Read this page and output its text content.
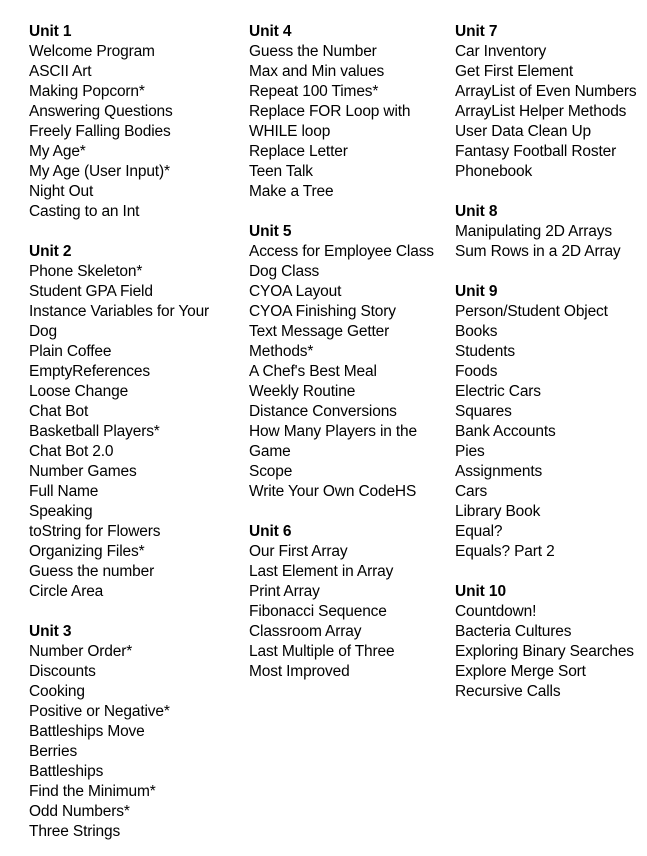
Unit 1
Welcome Program
ASCII Art
Making Popcorn*
Answering Questions
Freely Falling Bodies
My Age*
My Age (User Input)*
Night Out
Casting to an Int
Unit 2
Phone Skeleton*
Student GPA Field
Instance Variables for Your Dog
Plain Coffee
EmptyReferences
Loose Change
Chat Bot
Basketball Players*
Chat Bot 2.0
Number Games
Full Name
Speaking
toString for Flowers
Organizing Files*
Guess the number
Circle Area
Unit 3
Number Order*
Discounts
Cooking
Positive or Negative*
Battleships Move
Berries
Battleships
Find the Minimum*
Odd Numbers*
Three Strings
Unit 4
Guess the Number
Max and Min values
Repeat 100 Times*
Replace FOR Loop with WHILE loop
Replace Letter
Teen Talk
Make a Tree
Unit 5
Access for Employee Class
Dog Class
CYOA Layout
CYOA Finishing Story
Text Message Getter Methods*
A Chef's Best Meal
Weekly Routine
Distance Conversions
How Many Players in the Game
Scope
Write Your Own CodeHS
Unit 6
Our First Array
Last Element in Array
Print Array
Fibonacci Sequence
Classroom Array
Last Multiple of Three
Most Improved
Unit 7
Car Inventory
Get First Element
ArrayList of Even Numbers
ArrayList Helper Methods
User Data Clean Up
Fantasy Football Roster
Phonebook
Unit 8
Manipulating 2D Arrays
Sum Rows in a 2D Array
Unit 9
Person/Student Object
Books
Students
Foods
Electric Cars
Squares
Bank Accounts
Pies
Assignments
Cars
Library Book
Equal?
Equals? Part 2
Unit 10
Countdown!
Bacteria Cultures
Exploring Binary Searches
Explore Merge Sort
Recursive Calls
